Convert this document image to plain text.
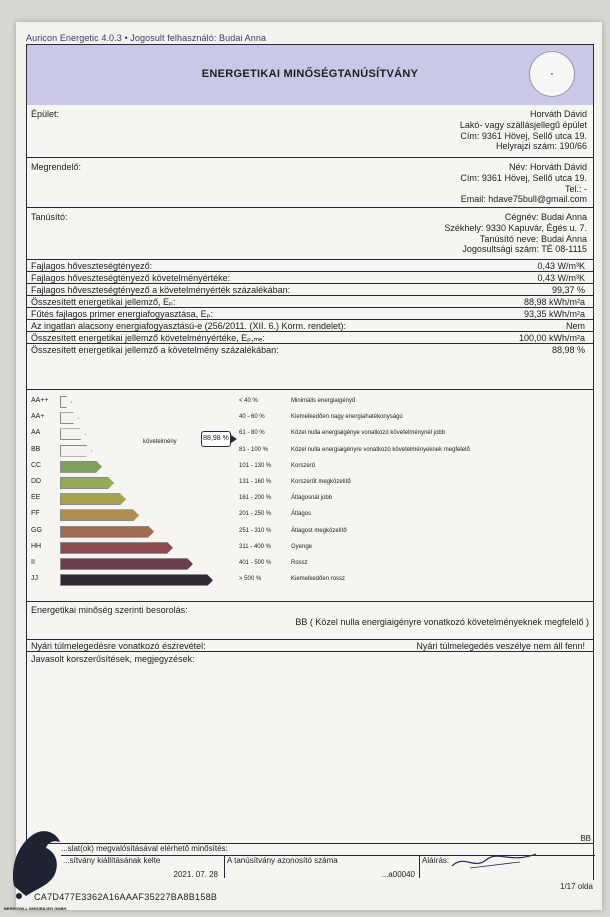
Auricon Energetic 4.0.3 • Jogosult felhasználó: Budai Anna
ENERGETIKAI MINŐSÉGTANÚSÍTVÁNY	●
Épület:	Horváth Dávid
Lakó- vagy szállásjellegű épület
Cím: 9361 Hövej, Sellő utca 19.
Helyrajzi szám: 190/66
Megrendelő:	Név: Horváth Dávid
Cím: 9361 Hövej, Sellő utca 19.
Tel.: -
Email: hdave75bull@gmail.com
Tanúsító:	Cégnév: Budai Anna
Székhely: 9330 Kapuvár, Égés u. 7.
Tanúsító neve: Budai Anna
Jogosultsági szám: TÉ 08-1115
Fajlagos hőveszteségtényező:	0,43 W/m³K
Fajlagos hőveszteségtényező követelményértéke:	0,43 W/m³K
Fajlagos hőveszteségtényező a követelményérték százalékában:	99,37 %
Összesített energetikai jellemző, Eₚ:	88,98 kWh/m²a
Fűtés fajlagos primer energiafogyasztása, Eₚ:	93,35 kWh/m²a
Az ingatlan alacsony energiafogyasztású-e (256/2011. (XII. 6.) Korm. rendelet):	Nem
Összesített energetikai jellemző követelményértéke, Eₚ,ₘₑ:	100,00 kWh/m²a
Összesített energetikai jellemző a követelmény százalékában:	88,98 %
követelmény	88,98 %
AA++	< 40 %	Minimális energiaigényű
AA+	40 - 60 %	Kiemelkedően nagy energiahatékonyságú
AA	61 - 80 %	Közel nulla energiaigénye vonatkozó követelménynél jobb
BB	81 - 100 %	Közel nulla energiaigényre vonatkozó követelményeknek megfelelő
CC	101 - 130 %	Korszerű
DD	131 - 160 %	Korszerűt megközelítő
EE	161 - 200 %	Átlagosnál jobb
FF	201 - 250 %	Átlagos
GG	251 - 310 %	Átlagost megközelítő
HH	311 - 400 %	Gyenge
II	401 - 500 %	Rossz
JJ	> 500 %	Kiemelkedően rossz
Energetikai minőség szerinti besorolás:
BB ( Közel nulla energiaigényre vonatkozó követelményeknek megfelelő )
Nyári túlmelegedésre vonatkozó észrevétel:	Nyári túlmelegedés veszélye nem áll fenn!
Javasolt korszerűsítések, megjegyzések:
...slat(ok) megvalósításával elérhető minősítés:
BB
...sítvány kiállításának kelte
2021. 07. 28
A tanúsítvány azonosító száma
...a00040
Aláírás:
CA7D477E3362A16AAAF35227BA8B158B
1/17 olda
BEREGWILL IMMOBILIEN GMBH
